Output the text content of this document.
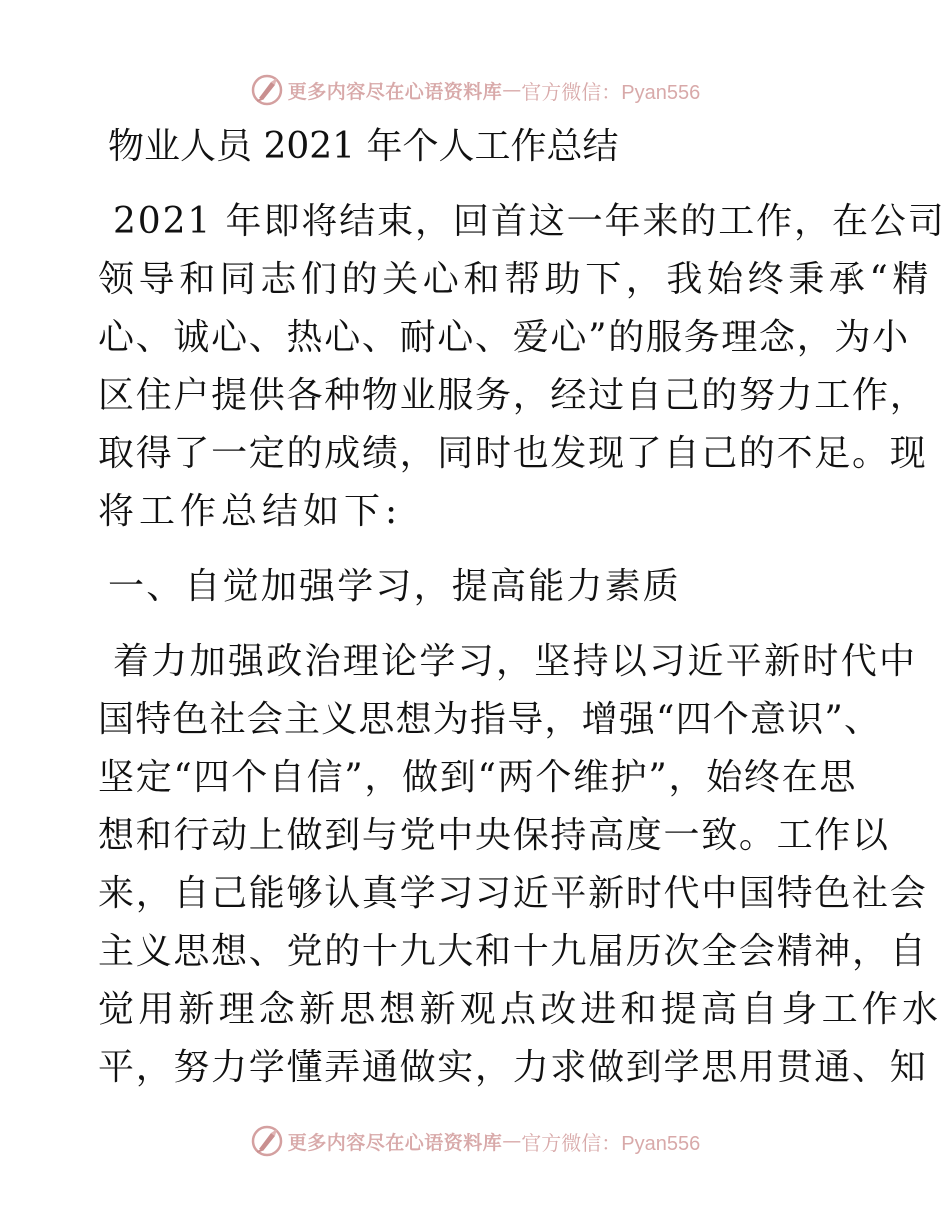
更多内容尽在心语资料库 — 官方微信：Pyan556
物业人员 2021 年个人工作总结
2021 年即将结束，回首这一年来的工作，在公司
领导和同志们的关心和帮助下，我始终秉承“精
心、诚心、热心、耐心、爱心”的服务理念，为小
区住户提供各种物业服务，经过自己的努力工作，
取得了一定的成绩，同时也发现了自己的不足。现
将工作总结如下:
一、自觉加强学习，提高能力素质
着力加强政治理论学习，坚持以习近平新时代中
国特色社会主义思想为指导，增强“四个意识”、
坚定“四个自信”，做到“两个维护”，始终在思
想和行动上做到与党中央保持高度一致。工作以
来，自己能够认真学习习近平新时代中国特色社会
主义思想、党的十九大和十九届历次全会精神，自
觉用新理念新思想新观点改进和提高自身工作水
平，努力学懂弄通做实，力求做到学思用贯通、知
更多内容尽在心语资料库 — 官方微信：Pyan556
